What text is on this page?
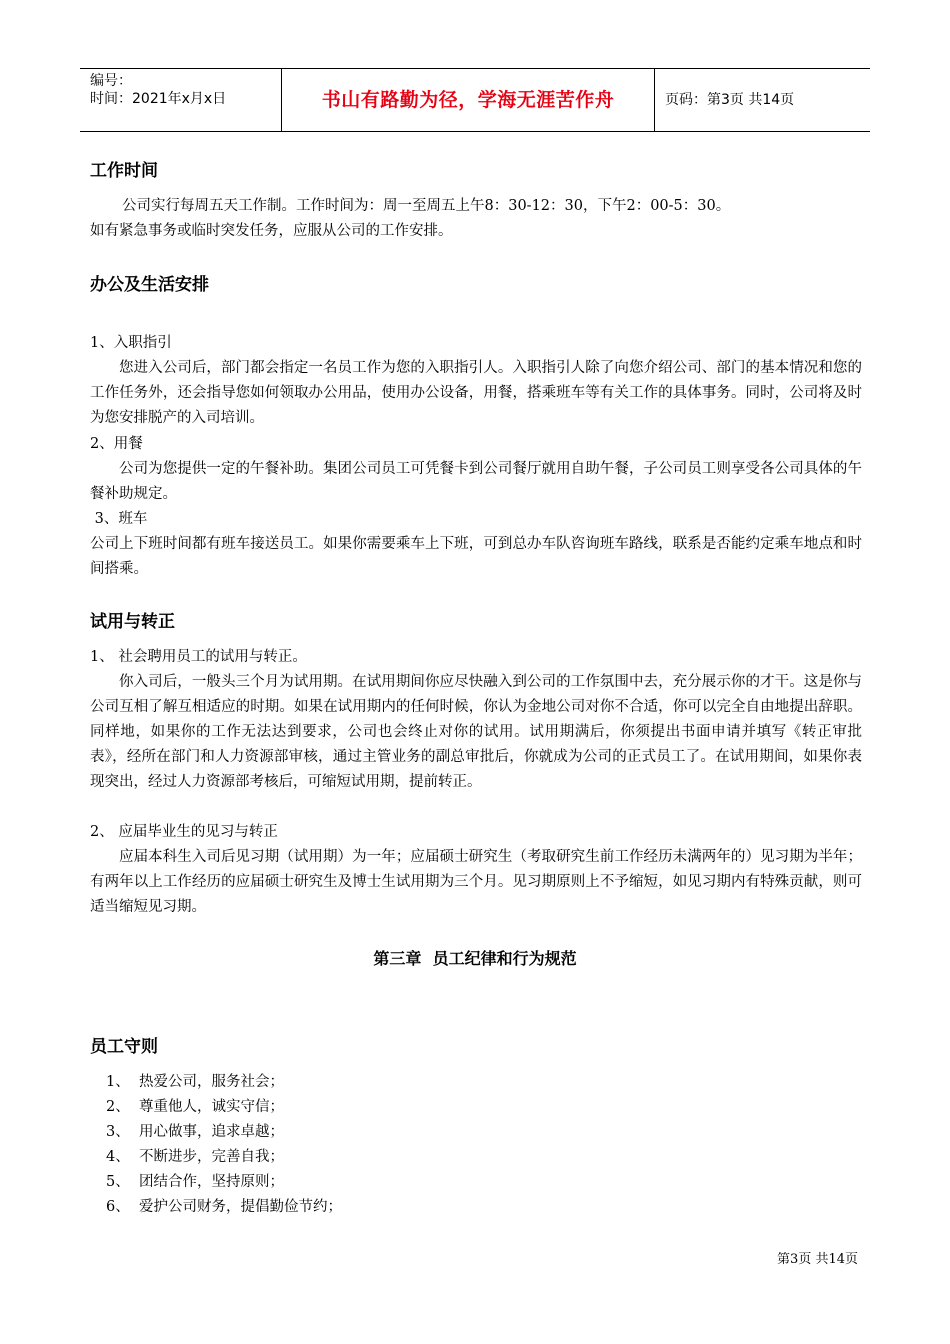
编号：
时间：2021年x月x日	书山有路勤为径，学海无涯苦作舟	页码：第3页 共14页
工作时间
公司实行每周五天工作制。工作时间为：周一至周五上午8：30-12：30，下午2：00-5：30。
如有紧急事务或临时突发任务，应服从公司的工作安排。
办公及生活安排
1、入职指引
您进入公司后，部门都会指定一名员工作为您的入职指引人。入职指引人除了向您介绍公司、部门的基本情况和您的工作任务外，还会指导您如何领取办公用品，使用办公设备，用餐，搭乘班车等有关工作的具体事务。同时，公司将及时为您安排脱产的入司培训。
2、用餐
公司为您提供一定的午餐补助。集团公司员工可凭餐卡到公司餐厅就用自助午餐，子公司员工则享受各公司具体的午餐补助规定。
3、班车
公司上下班时间都有班车接送员工。如果你需要乘车上下班，可到总办车队咨询班车路线，联系是否能约定乘车地点和时间搭乘。
试用与转正
1、 社会聘用员工的试用与转正。
你入司后，一般头三个月为试用期。在试用期间你应尽快融入到公司的工作氛围中去，充分展示你的才干。这是你与公司互相了解互相适应的时期。如果在试用期内的任何时候，你认为金地公司对你不合适，你可以完全自由地提出辞职。同样地，如果你的工作无法达到要求，公司也会终止对你的试用。试用期满后，你须提出书面申请并填写《转正审批表》，经所在部门和人力资源部审核，通过主管业务的副总审批后，你就成为公司的正式员工了。在试用期间，如果你表现突出，经过人力资源部考核后，可缩短试用期，提前转正。
2、 应届毕业生的见习与转正
应届本科生入司后见习期（试用期）为一年；应届硕士研究生（考取研究生前工作经历未满两年的）见习期为半年；有两年以上工作经历的应届硕士研究生及博士生试用期为三个月。见习期原则上不予缩短，如见习期内有特殊贡献，则可适当缩短见习期。
第三章  员工纪律和行为规范
员工守则
1、 热爱公司，服务社会；
2、 尊重他人，诚实守信；
3、 用心做事，追求卓越；
4、 不断进步，完善自我；
5、 团结合作，坚持原则；
6、 爱护公司财务，提倡勤俭节约；
第3页 共14页
